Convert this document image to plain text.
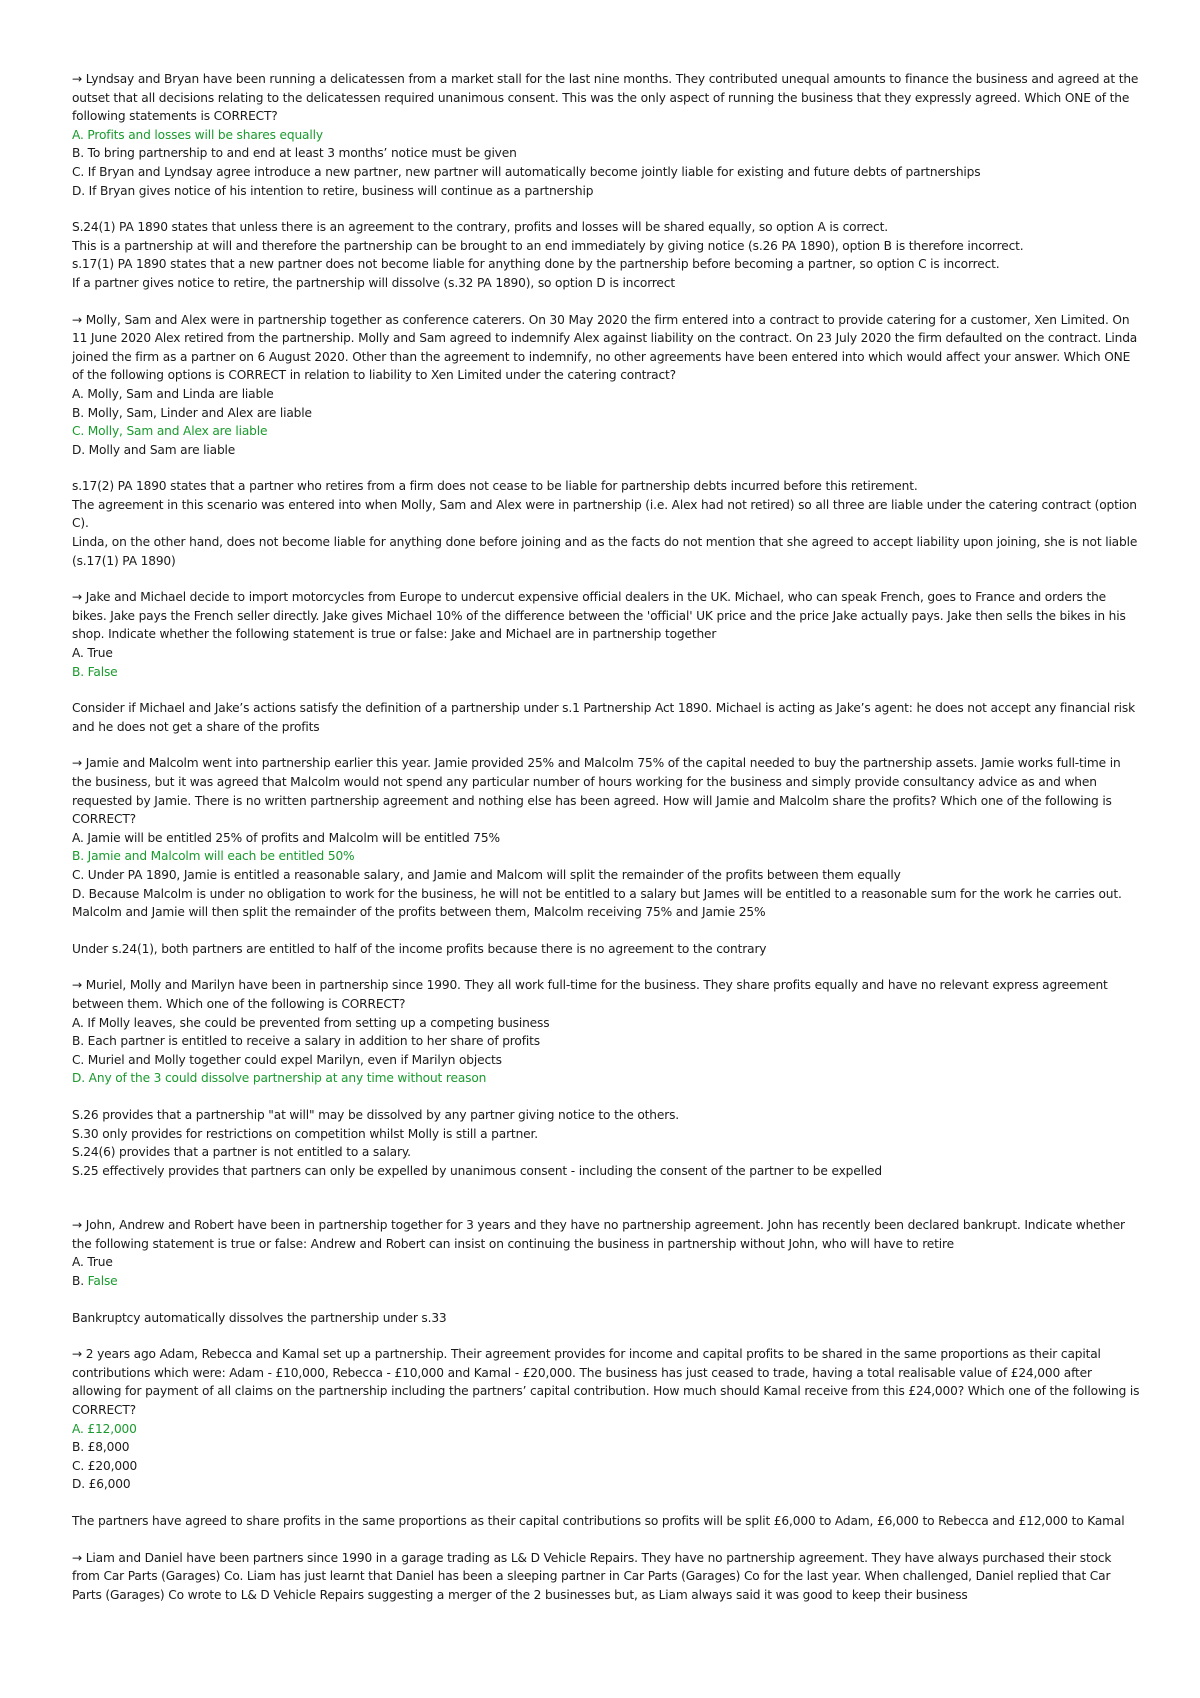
→ Lyndsay and Bryan have been running a delicatessen from a market stall for the last nine months. They contributed unequal amounts to finance the business and agreed at the outset that all decisions relating to the delicatessen required unanimous consent. This was the only aspect of running the business that they expressly agreed. Which ONE of the following statements is CORRECT?

A. Profits and losses will be shares equally

B. To bring partnership to and end at least 3 months’ notice must be given

C. If Bryan and Lyndsay agree introduce a new partner, new partner will automatically become jointly liable for existing and future debts of partnerships

D. If Bryan gives notice of his intention to retire, business will continue as a partnership

S.24(1) PA 1890 states that unless there is an agreement to the contrary, profits and losses will be shared equally, so option A is correct.

This is a partnership at will and therefore the partnership can be brought to an end immediately by giving notice (s.26 PA 1890), option B is therefore incorrect.

s.17(1) PA 1890 states that a new partner does not become liable for anything done by the partnership before becoming a partner, so option C is incorrect.

If a partner gives notice to retire, the partnership will dissolve (s.32 PA 1890), so option D is incorrect

→ Molly, Sam and Alex were in partnership together as conference caterers. On 30 May 2020 the firm entered into a contract to provide catering for a customer, Xen Limited. On 11 June 2020 Alex retired from the partnership. Molly and Sam agreed to indemnify Alex against liability on the contract. On 23 July 2020 the firm defaulted on the contract. Linda joined the firm as a partner on 6 August 2020. Other than the agreement to indemnify, no other agreements have been entered into which would affect your answer. Which ONE of the following options is CORRECT in relation to liability to Xen Limited under the catering contract?

A. Molly, Sam and Linda are liable

B. Molly, Sam, Linder and Alex are liable

C. Molly, Sam and Alex are liable

D. Molly and Sam are liable

s.17(2) PA 1890 states that a partner who retires from a firm does not cease to be liable for partnership debts incurred before this retirement.

The agreement in this scenario was entered into when Molly, Sam and Alex were in partnership (i.e. Alex had not retired) so all three are liable under the catering contract (option C).

Linda, on the other hand, does not become liable for anything done before joining and as the facts do not mention that she agreed to accept liability upon joining, she is not liable (s.17(1) PA 1890)

→ Jake and Michael decide to import motorcycles from Europe to undercut expensive official dealers in the UK. Michael, who can speak French, goes to France and orders the bikes. Jake pays the French seller directly. Jake gives Michael 10% of the difference between the 'official' UK price and the price Jake actually pays. Jake then sells the bikes in his shop. Indicate whether the following statement is true or false: Jake and Michael are in partnership together

A. True

B. False

Consider if Michael and Jake’s actions satisfy the definition of a partnership under s.1 Partnership Act 1890. Michael is acting as Jake’s agent: he does not accept any financial risk and he does not get a share of the profits

→ Jamie and Malcolm went into partnership earlier this year. Jamie provided 25% and Malcolm 75% of the capital needed to buy the partnership assets. Jamie works full-time in the business, but it was agreed that Malcolm would not spend any particular number of hours working for the business and simply provide consultancy advice as and when requested by Jamie. There is no written partnership agreement and nothing else has been agreed. How will Jamie and Malcolm share the profits? Which one of the following is CORRECT?

A. Jamie will be entitled 25% of profits and Malcolm will be entitled 75%

B. Jamie and Malcolm will each be entitled 50%

C. Under PA 1890, Jamie is entitled a reasonable salary, and Jamie and Malcom will split the remainder of the profits between them equally

D. Because Malcolm is under no obligation to work for the business, he will not be entitled to a salary but James will be entitled to a reasonable sum for the work he carries out. Malcolm and Jamie will then split the remainder of the profits between them, Malcolm receiving 75% and Jamie 25%

Under s.24(1), both partners are entitled to half of the income profits because there is no agreement to the contrary

→ Muriel, Molly and Marilyn have been in partnership since 1990. They all work full-time for the business. They share profits equally and have no relevant express agreement between them. Which one of the following is CORRECT?

A. If Molly leaves, she could be prevented from setting up a competing business

B. Each partner is entitled to receive a salary in addition to her share of profits

C. Muriel and Molly together could expel Marilyn, even if Marilyn objects

D. Any of the 3 could dissolve partnership at any time without reason

S.26 provides that a partnership "at will" may be dissolved by any partner giving notice to the others.

S.30 only provides for restrictions on competition whilst Molly is still a partner.

S.24(6) provides that a partner is not entitled to a salary.

S.25 effectively provides that partners can only be expelled by unanimous consent - including the consent of the partner to be expelled

→ John, Andrew and Robert have been in partnership together for 3 years and they have no partnership agreement. John has recently been declared bankrupt. Indicate whether the following statement is true or false: Andrew and Robert can insist on continuing the business in partnership without John, who will have to retire

A. True

B. False

Bankruptcy automatically dissolves the partnership under s.33

→ 2 years ago Adam, Rebecca and Kamal set up a partnership. Their agreement provides for income and capital profits to be shared in the same proportions as their capital contributions which were: Adam - £10,000, Rebecca - £10,000 and Kamal - £20,000. The business has just ceased to trade, having a total realisable value of £24,000 after allowing for payment of all claims on the partnership including the partners’ capital contribution. How much should Kamal receive from this £24,000? Which one of the following is CORRECT?

A. £12,000

B. £8,000

C. £20,000

D. £6,000

The partners have agreed to share profits in the same proportions as their capital contributions so profits will be split £6,000 to Adam, £6,000 to Rebecca and £12,000 to Kamal

→ Liam and Daniel have been partners since 1990 in a garage trading as L& D Vehicle Repairs. They have no partnership agreement. They have always purchased their stock from Car Parts (Garages) Co. Liam has just learnt that Daniel has been a sleeping partner in Car Parts (Garages) Co for the last year. When challenged, Daniel replied that Car Parts (Garages) Co wrote to L& D Vehicle Repairs suggesting a merger of the 2 businesses but, as Liam always said it was good to keep their business
